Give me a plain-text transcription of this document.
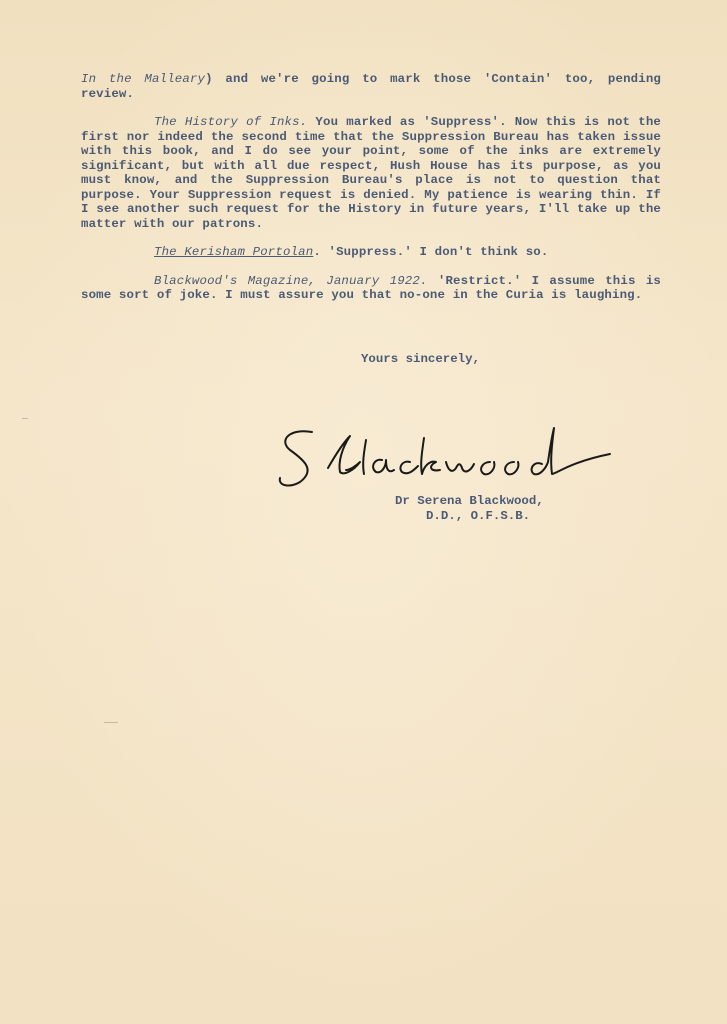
In the Malleary) and we're going to mark those 'Contain' too, pending review.

The History of Inks. You marked as 'Suppress'. Now this is not the first nor indeed the second time that the Suppression Bureau has taken issue with this book, and I do see your point, some of the inks are extremely significant, but with all due respect, Hush House has its purpose, as you must know, and the Suppression Bureau's place is not to question that purpose. Your Suppression request is denied. My patience is wearing thin. If I see another such request for the History in future years, I'll take up the matter with our patrons.

The Kerisham Portolan. 'Suppress.' I don't think so.

Blackwood's Magazine, January 1922. 'Restrict.' I assume this is some sort of joke. I must assure you that no-one in the Curia is laughing.

Yours sincerely,
Dr Serena Blackwood,
D.D., O.F.S.B.
